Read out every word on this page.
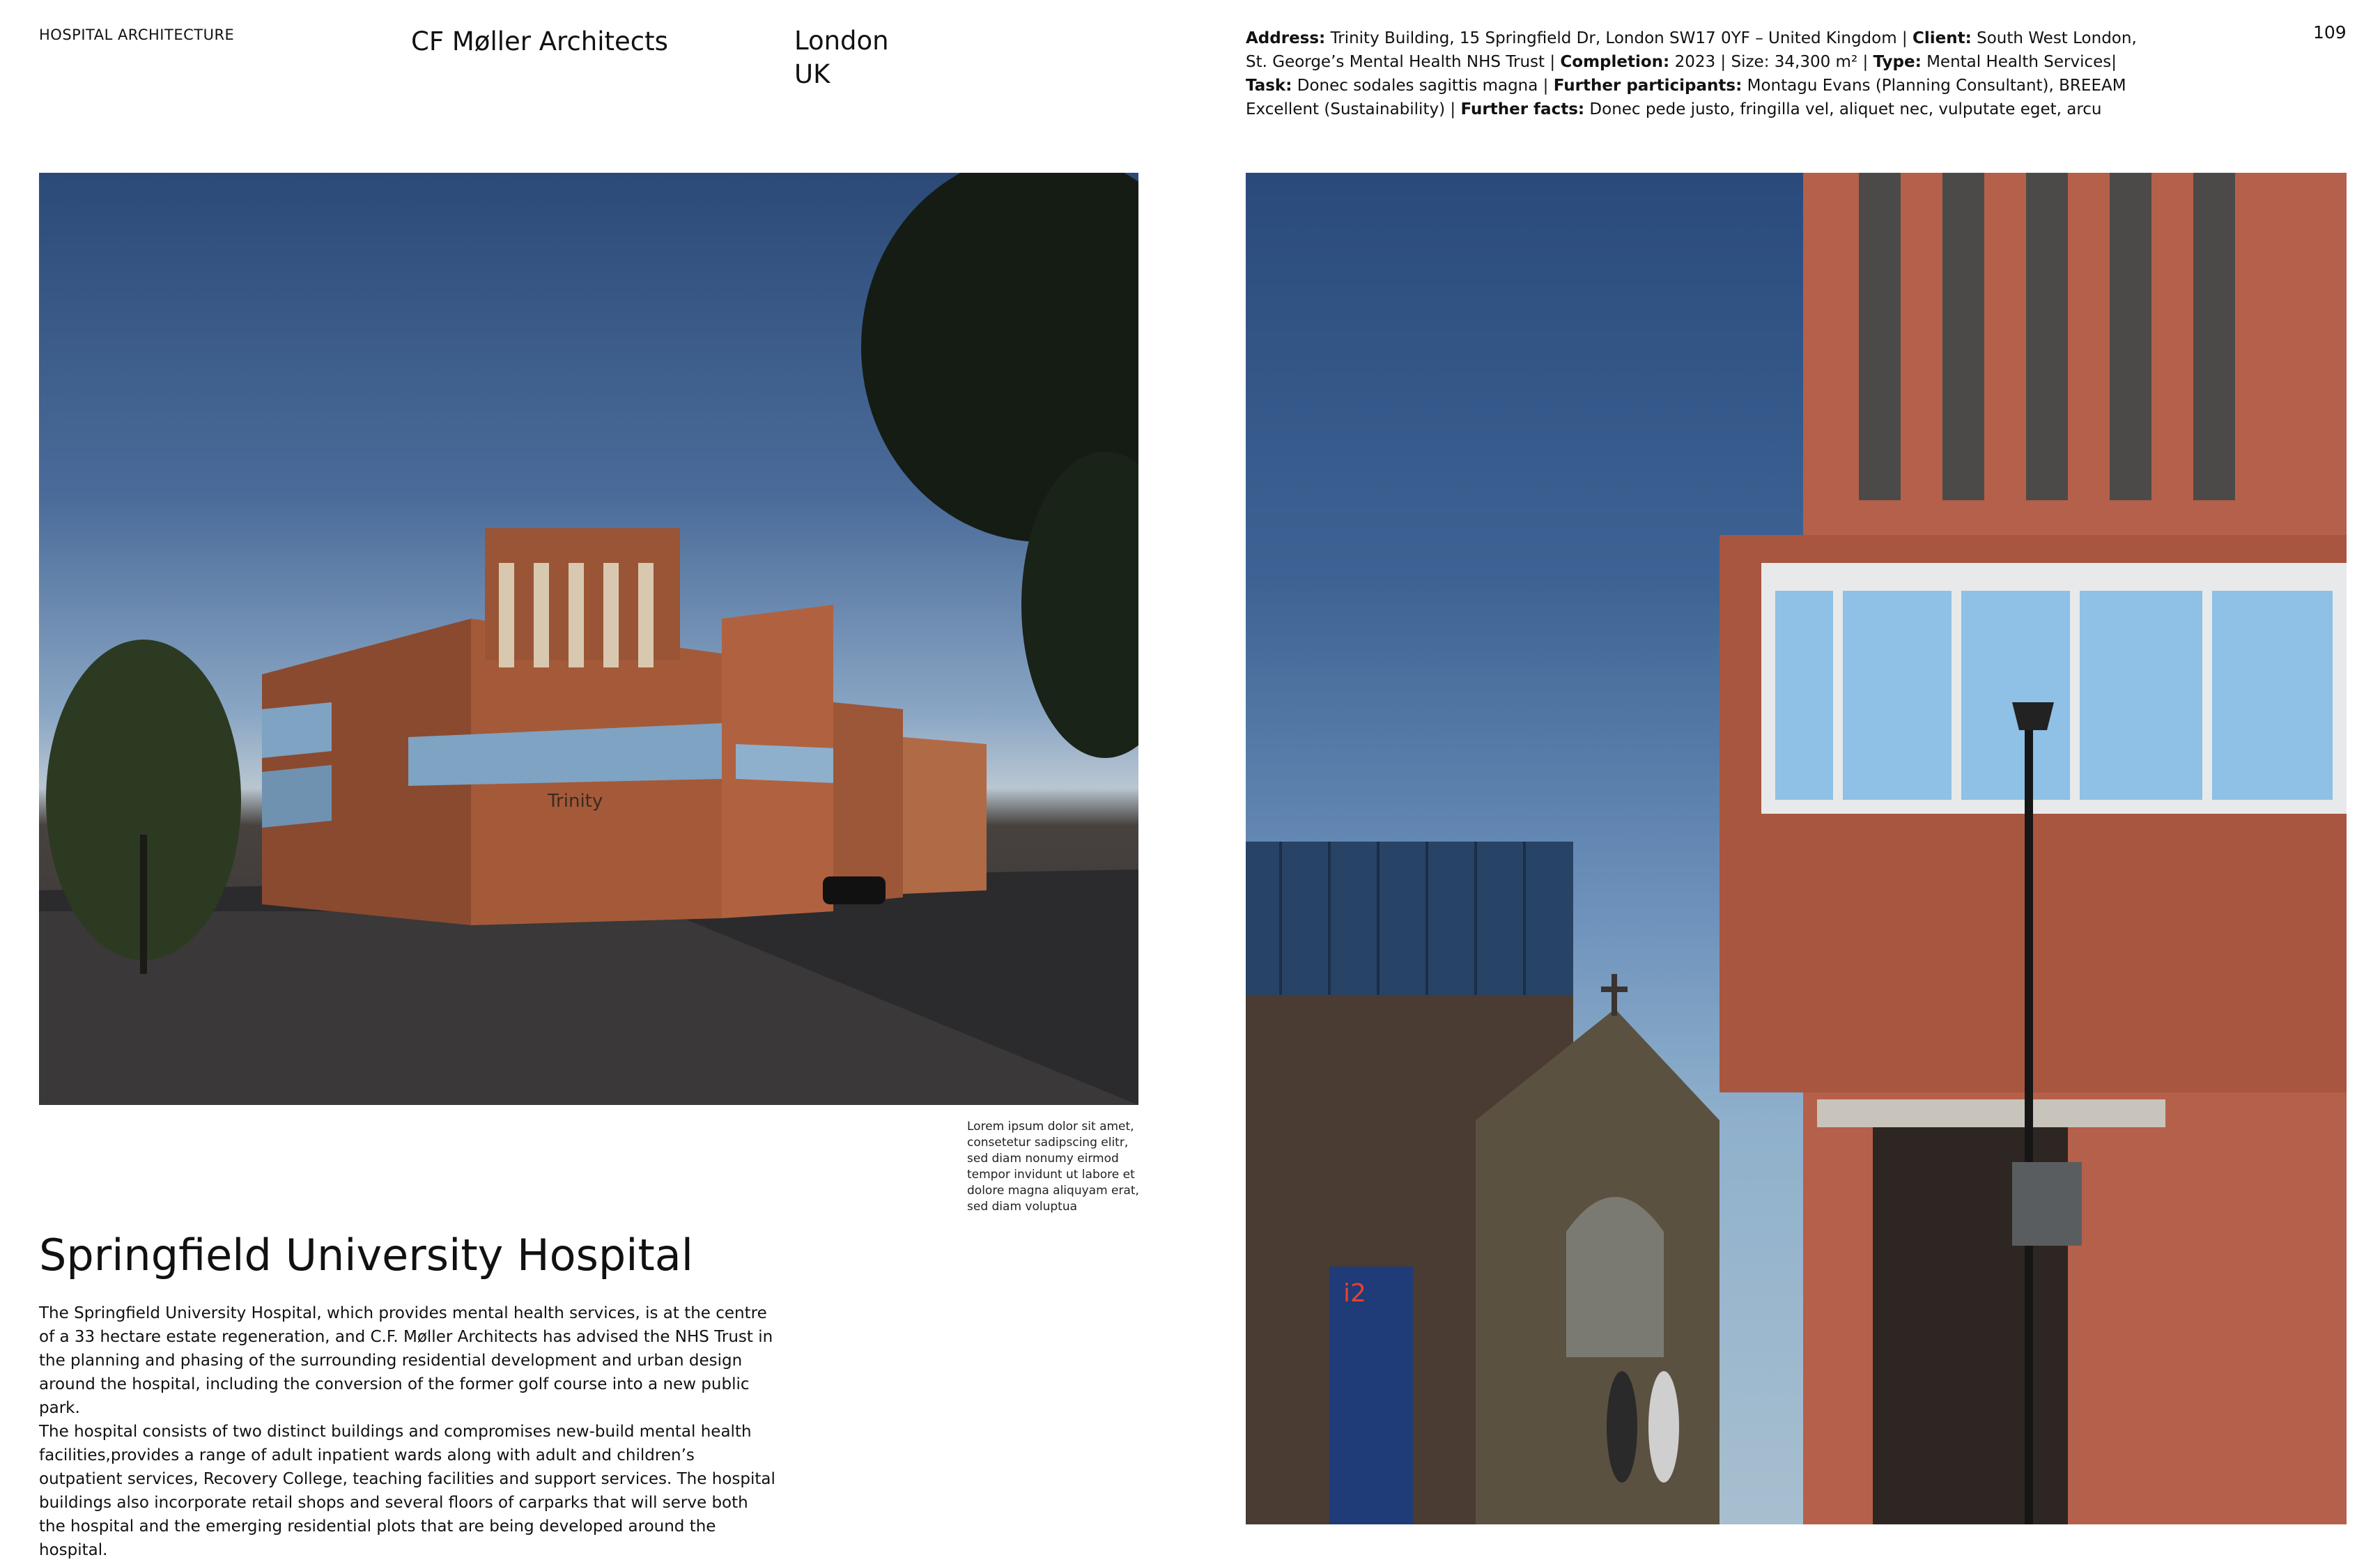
HOSPITAL ARCHITECTURE	CF Møller Architects	London
UK
109
Address: Trinity Building, 15 Springfield Dr, London SW17 0YF – United Kingdom | Client: South West London, St. George’s Mental Health NHS Trust | Completion: 2023 | Size: 34,300 m² | Type: Mental Health Services| Task: Donec sodales sagittis magna | Further participants: Montagu Evans (Planning Consultant), BREEAM Excellent (Sustainability) | Further facts: Donec pede justo, fringilla vel, aliquet nec, vulputate eget, arcu
Trinity
i2
Lorem ipsum dolor sit amet, consetetur sadipscing elitr, sed diam nonumy eirmod tempor invidunt ut labore et dolore magna aliquyam erat, sed diam voluptua
Springfield University Hospital
The Springfield University Hospital, which provides mental health services, is at the centre of a 33 hectare estate regeneration, and C.F. Møller Architects has advised the NHS Trust in the planning and phasing of the surrounding residential development and urban design around the hospital, including the conversion of the former golf course into a new public park.
The hospital consists of two distinct buildings and compromises new-build mental health facilities,provides a range of adult inpatient wards along with adult and children’s outpatient services, Recovery College, teaching facilities and support services. The hospital buildings also incorporate retail shops and several floors of carparks that will serve both the hospital and the emerging residential plots that are being developed around the hospital.
